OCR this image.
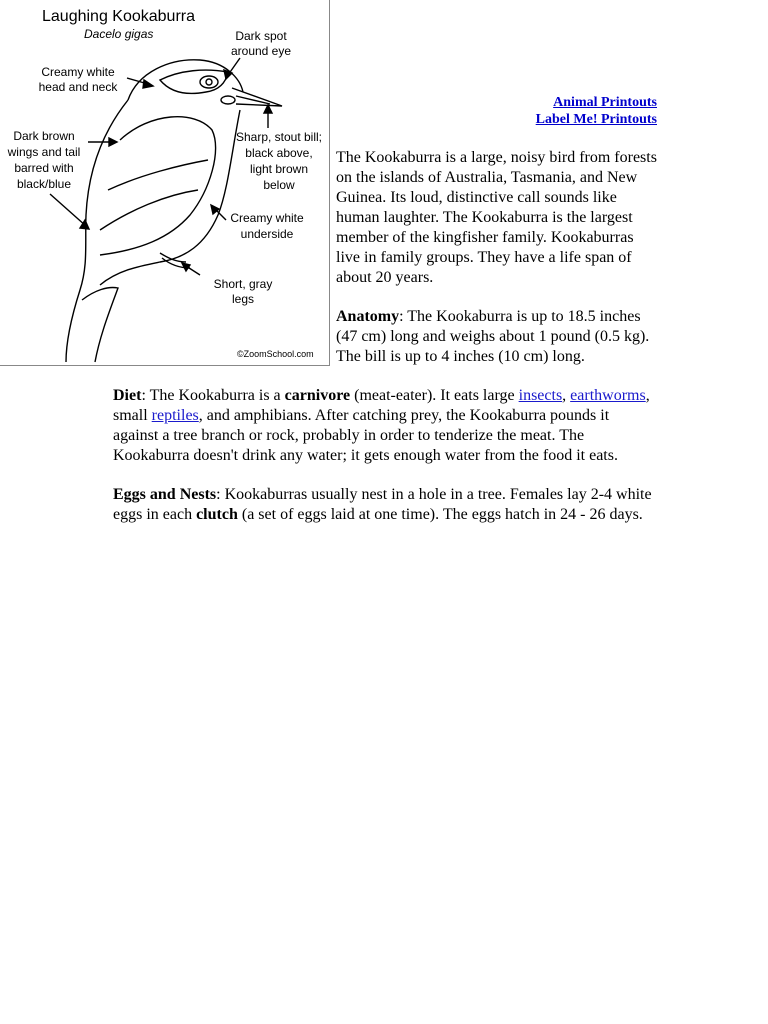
Laughing Kookaburra
Dacelo gigas	Dark spot
around eye
Creamy white
head and neck
Dark brown
wings and tail
barred with
black/blue
Sharp, stout bill;
black above,
light brown
below
Creamy white
underside
Short, gray
legs
©ZoomSchool.com
Animal Printouts
Label Me! Printouts

The Kookaburra is a large, noisy bird from forests on the islands of Australia, Tasmania, and New Guinea. Its loud, distinctive call sounds like human laughter. The Kookaburra is the largest member of the kingfisher family. Kookaburras live in family groups. They have a life span of about 20 years.

Anatomy: The Kookaburra is up to 18.5 inches (47 cm) long and weighs about 1 pound (0.5 kg). The bill is up to 4 inches (10 cm) long.

Diet: The Kookaburra is a carnivore (meat-eater). It eats large insects, earthworms, small reptiles, and amphibians. After catching prey, the Kookaburra pounds it against a tree branch or rock, probably in order to tenderize the meat. The Kookaburra doesn't drink any water; it gets enough water from the food it eats.

Eggs and Nests: Kookaburras usually nest in a hole in a tree. Females lay 2-4 white eggs in each clutch (a set of eggs laid at one time). The eggs hatch in 24 - 26 days.
